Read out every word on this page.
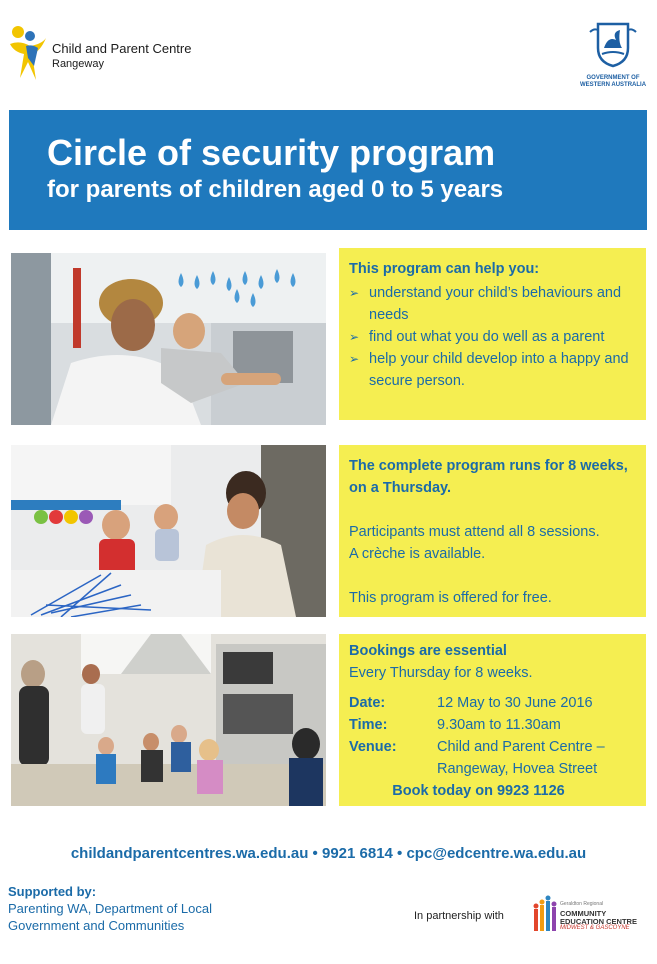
Child and Parent Centre
Rangeway
GOVERNMENT OF
WESTERN AUSTRALIA
Circle of security program
for parents of children aged 0 to 5 years
This program can help you:
➢ understand your child’s behaviours and needs
➢ find out what you do well as a parent
➢ help your child develop into a happy and secure person.
The complete program runs for 8 weeks, on a Thursday.
Participants must attend all 8 sessions.
A crèche is available.
This program is offered for free.
Bookings are essential
Every Thursday for 8 weeks.
Date:	12 May to 30 June 2016
Time:	9.30am to 11.30am
Venue:	Child and Parent Centre –
Rangeway, Hovea Street
Book today on 9923 1126
childandparentcentres.wa.edu.au • 9921 6814 • cpc@edcentre.wa.edu.au
Supported by:
Parenting WA, Department of Local
Government and Communities
In partnership with
Geraldton Regional
COMMUNITY
EDUCATION CENTRE
MIDWEST & GASCOYNE
